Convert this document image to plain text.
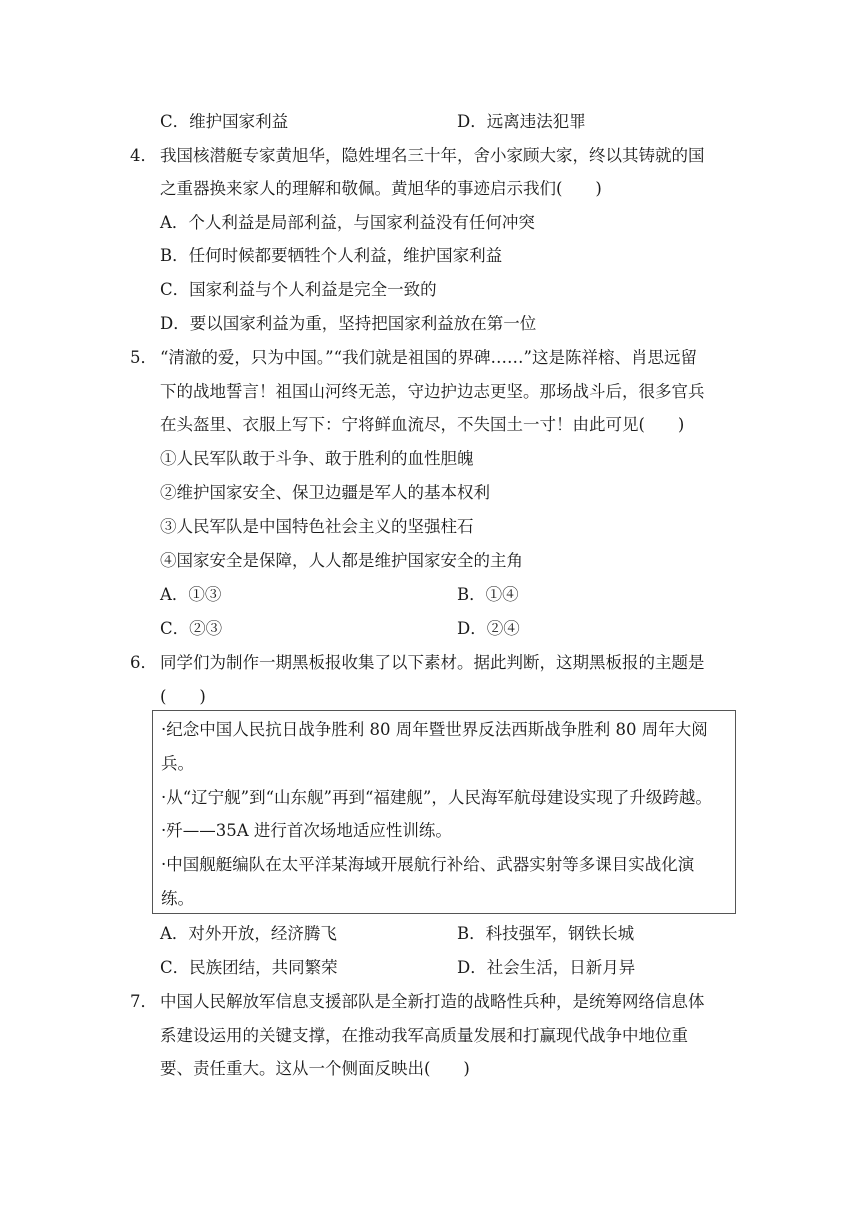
C．维护国家利益	D．远离违法犯罪
4． 我国核潜艇专家黄旭华，隐姓埋名三十年，舍小家顾大家，终以其铸就的国
之重器换来家人的理解和敬佩。黄旭华的事迹启示我们(　　)
A．个人利益是局部利益，与国家利益没有任何冲突
B．任何时候都要牺牲个人利益，维护国家利益
C．国家利益与个人利益是完全一致的
D．要以国家利益为重，坚持把国家利益放在第一位
5． “清澈的爱，只为中国。”“我们就是祖国的界碑……”这是陈祥榕、肖思远留
下的战地誓言！祖国山河终无恙，守边护边志更坚。那场战斗后，很多官兵
在头盔里、衣服上写下：宁将鲜血流尽，不失国土一寸！由此可见(　　)
①人民军队敢于斗争、敢于胜利的血性胆魄
②维护国家安全、保卫边疆是军人的基本权利
③人民军队是中国特色社会主义的坚强柱石
④国家安全是保障，人人都是维护国家安全的主角
A．①③	B．①④
C．②③	D．②④
6． 同学们为制作一期黑板报收集了以下素材。据此判断，这期黑板报的主题是
(　　)
·纪念中国人民抗日战争胜利 80 周年暨世界反法西斯战争胜利 80 周年大阅
兵。
·从“辽宁舰”到“山东舰”再到“福建舰”，人民海军航母建设实现了升级跨越。
·歼——35A 进行首次场地适应性训练。
·中国舰艇编队在太平洋某海域开展航行补给、武器实射等多课目实战化演
练。
A．对外开放，经济腾飞	B．科技强军，钢铁长城
C．民族团结，共同繁荣	D．社会生活，日新月异
7． 中国人民解放军信息支援部队是全新打造的战略性兵种，是统筹网络信息体
系建设运用的关键支撑，在推动我军高质量发展和打赢现代战争中地位重
要、责任重大。这从一个侧面反映出(　　)
